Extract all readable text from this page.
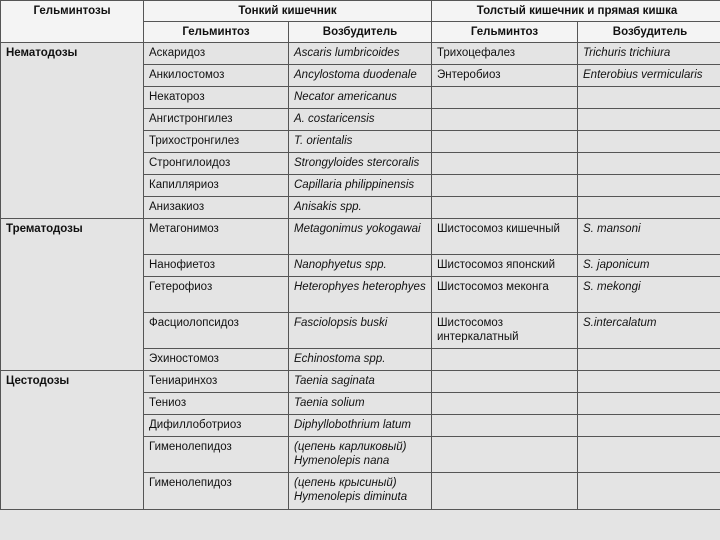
Гельминтозы	Тонкий кишечник		Толстый кишечник и прямая кишка	
	Гельминтоз	Возбудитель	Гельминтоз	Возбудитель
Нематодозы	Аскаридоз	Ascaris lumbricoides	Трихоцефалез	Trichuris trichiura
	Анкилостомоз	Ancylostoma duodenale	Энтеробиоз	Enterobius vermicularis
	Некатороз	Necator americanus		
	Ангистронгилез	A. costaricensis		
	Трихостронгилез	T. orientalis		
	Стронгилоидоз	Strongyloides stercoralis		
	Капилляриоз	Capillaria philippinensis		
	Анизакиоз	Anisakis spp.		
Трематодозы	Метагонимоз	Metagonimus yokogawai	Шистосомоз кишечный	S. mansoni
	Нанофиетоз	Nanophyetus spp.	Шистосомоз японский	S. japonicum
	Гетерофиоз	Heterophyes heterophyes	Шистосомоз меконга	S. mekongi
	Фасциолопсидоз	Fasciolopsis buski	Шистосомоз интеркалатный	S.intercalatum
	Эхиностомоз	Echinostoma spp.		
Цестодозы	Тениаринхоз	Taenia saginata		
	Тениоз	Taenia solium		
	Дифиллоботриоз	Diphyllobothrium latum		
	Гименолепидоз	(цепень карликовый) Hymenolepis nana		
	Гименолепидоз	(цепень крысиный) Hymenolepis diminuta		
